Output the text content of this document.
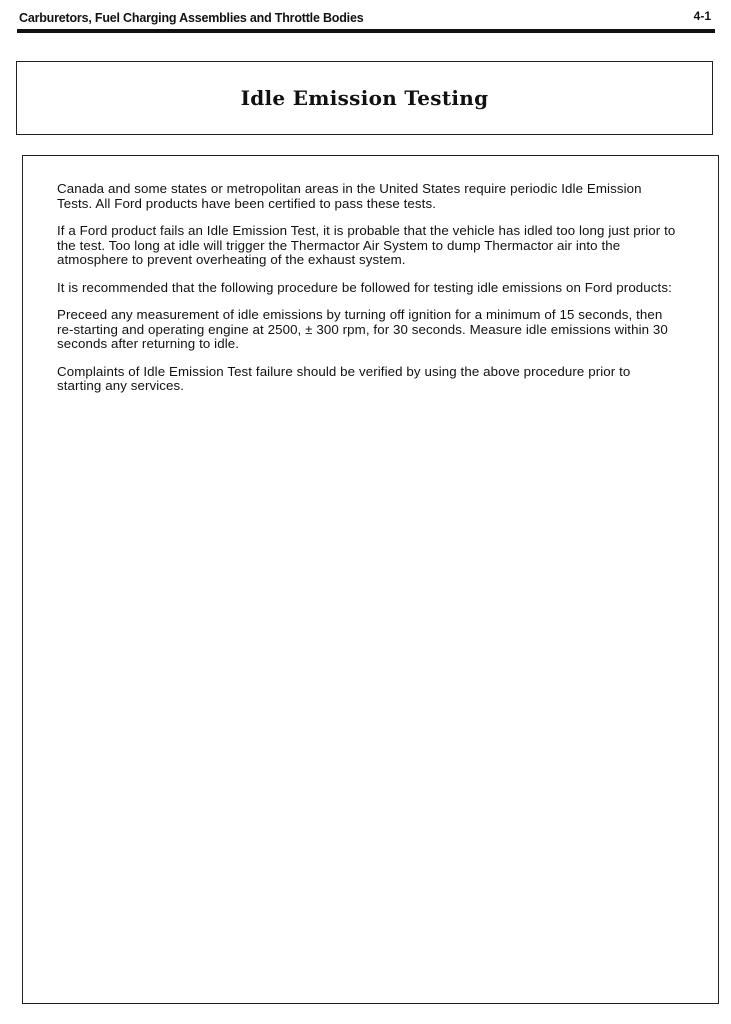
Carburetors, Fuel Charging Assemblies and Throttle Bodies	4-1
Idle Emission Testing

Canada and some states or metropolitan areas in the United States require periodic Idle Emission Tests. All Ford products have been certified to pass these tests.

If a Ford product fails an Idle Emission Test, it is probable that the vehicle has idled too long just prior to the test. Too long at idle will trigger the Thermactor Air System to dump Thermactor air into the atmosphere to prevent overheating of the exhaust system.

It is recommended that the following procedure be followed for testing idle emissions on Ford products:

Preceed any measurement of idle emissions by turning off ignition for a minimum of 15 seconds, then re-starting and operating engine at 2500, ± 300 rpm, for 30 seconds. Measure idle emissions within 30 seconds after returning to idle.

Complaints of Idle Emission Test failure should be verified by using the above procedure prior to starting any services.
